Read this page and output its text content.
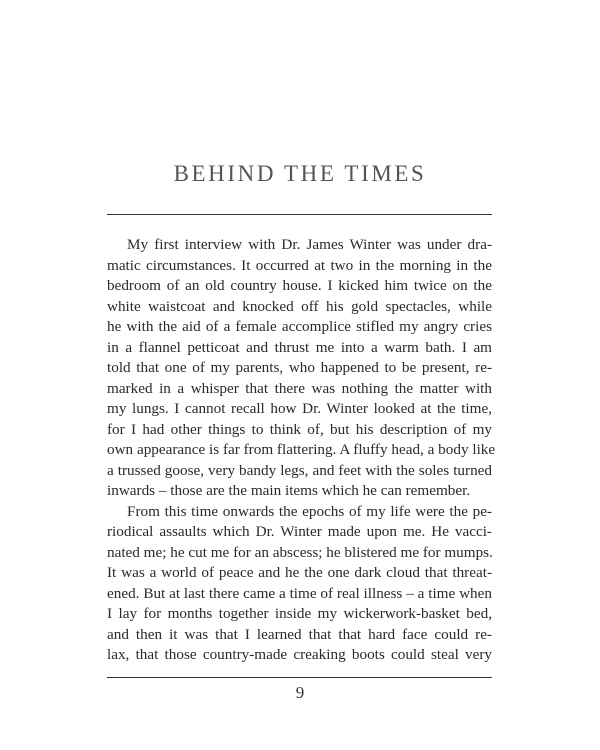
BEHIND THE TIMES
My first interview with Dr. James Winter was under dra-
matic circumstances. It occurred at two in the morning in the
bedroom of an old country house. I kicked him twice on the
white waistcoat and knocked off his gold spectacles, while
he with the aid of a female accomplice stifled my angry cries
in a flannel petticoat and thrust me into a warm bath. I am
told that one of my parents, who happened to be present, re-
marked in a whisper that there was nothing the matter with
my lungs. I cannot recall how Dr. Winter looked at the time,
for I had other things to think of, but his description of my
own appearance is far from flattering. A fluffy head, a body like
a trussed goose, very bandy legs, and feet with the soles turned
inwards – those are the main items which he can remember.
From this time onwards the epochs of my life were the pe-
riodical assaults which Dr. Winter made upon me. He vacci-
nated me; he cut me for an abscess; he blistered me for mumps.
It was a world of peace and he the one dark cloud that threat-
ened. But at last there came a time of real illness – a time when
I lay for months together inside my wickerwork-basket bed,
and then it was that I learned that that hard face could re-
lax, that those country-made creaking boots could steal very
9
